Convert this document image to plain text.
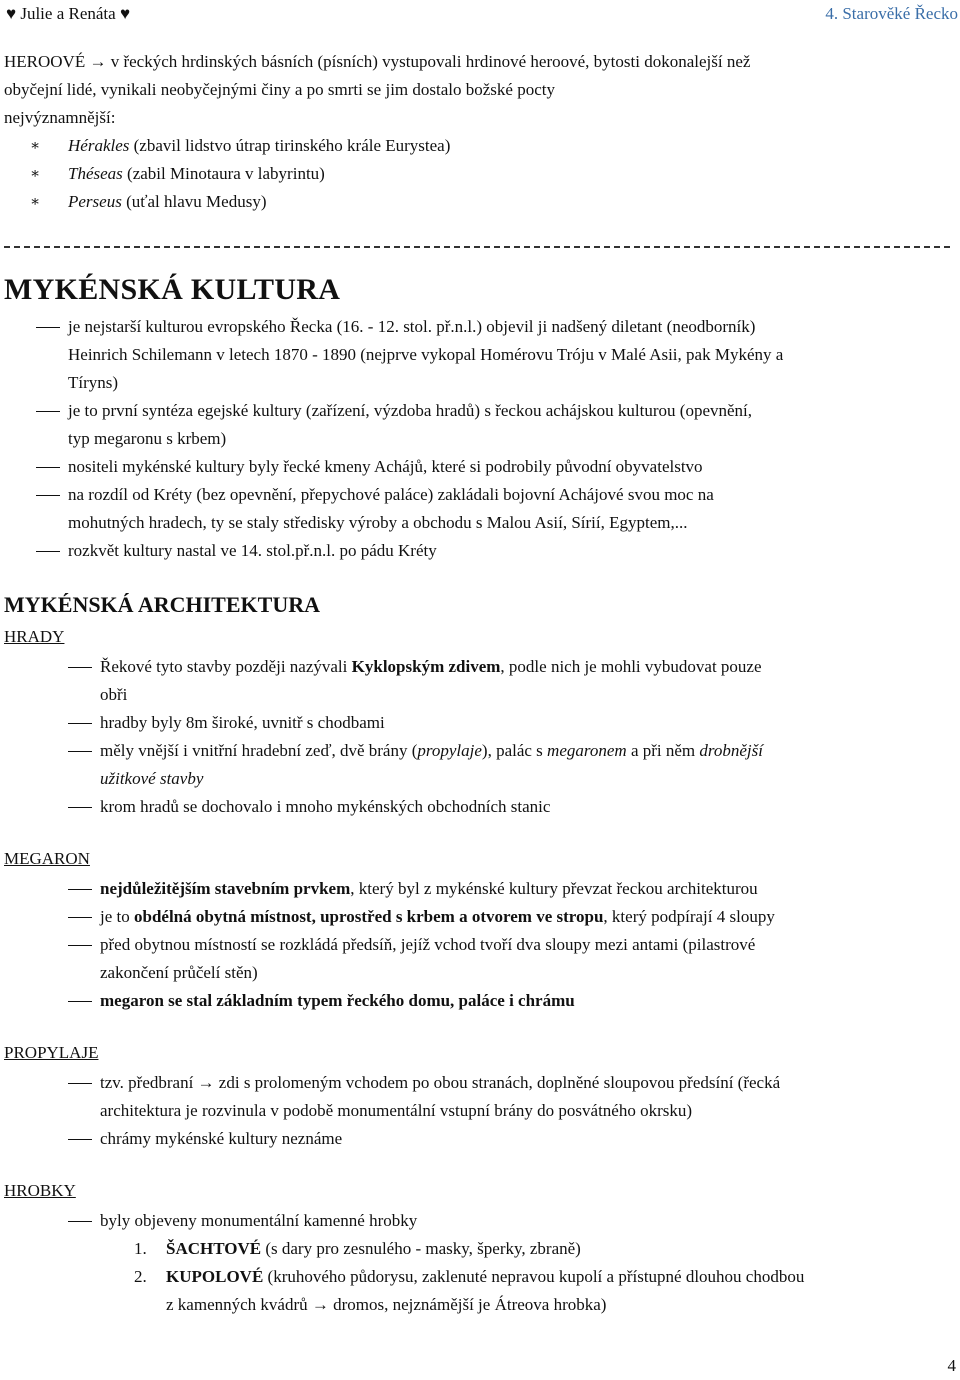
♥ Julie a Renáta ♥	4. Starověké Řecko
HEROOVÉ → v řeckých hrdinských básních (písních) vystupovali hrdinové heroové, bytosti dokonalejší než
obyčejní lidé, vynikali neobyčejnými činy a po smrti se jim dostalo božské pocty
nejvýznamnější:
∗ Hérakles (zbavil lidstvo útrap tirinského krále Eurystea)
∗ Théseas (zabil Minotaura v labyrintu)
∗ Perseus (uťal hlavu Medusy)
MYKÉNSKÁ KULTURA
je nejstarší kulturou evropského Řecka (16. - 12. stol. př.n.l.) objevil ji nadšený diletant (neodborník)
Heinrich Schilemann v letech 1870 - 1890 (nejprve vykopal Homérovu Tróju v Malé Asii, pak Mykény a
Tíryns)
je to první syntéza egejské kultury (zařízení, výzdoba hradů) s řeckou achájskou kulturou (opevnění,
typ megaronu s krbem)
nositeli mykénské kultury byly řecké kmeny Achájů, které si podrobily původní obyvatelstvo
na rozdíl od Kréty (bez opevnění, přepychové paláce) zakládali bojovní Achájové svou moc na
mohutných hradech, ty se staly středisky výroby a obchodu s Malou Asií, Sírií, Egyptem,...
rozkvět kultury nastal ve 14. stol.př.n.l. po pádu Kréty
MYKÉNSKÁ ARCHITEKTURA
HRADY
Řekové tyto stavby později nazývali Kyklopským zdivem, podle nich je mohli vybudovat pouze
obři
hradby byly 8m široké, uvnitř s chodbami
měly vnější i vnitřní hradební zeď, dvě brány (propylaje), palác s megaronem a při něm drobnější
užitkové stavby
krom hradů se dochovalo i mnoho mykénských obchodních stanic
MEGARON
nejdůležitějším stavebním prvkem, který byl z mykénské kultury převzat řeckou architekturou
je to obdélná obytná místnost, uprostřed s krbem a otvorem ve stropu, který podpírají 4 sloupy
před obytnou místností se rozkládá předsíň, jejíž vchod tvoří dva sloupy mezi antami (pilastrové
zakončení průčelí stěn)
megaron se stal základním typem řeckého domu, paláce i chrámu
PROPYLAJE
tzv. předbraní → zdi s prolomeným vchodem po obou stranách, doplněné sloupovou předsíní (řecká
architektura je rozvinula v podobě monumentální vstupní brány do posvátného okrsku)
chrámy mykénské kultury neznáme
HROBKY
byly objeveny monumentální kamenné hrobky
1. ŠACHTOVÉ (s dary pro zesnulého - masky, šperky, zbraně)
2. KUPOLOVÉ (kruhového půdorysu, zaklenuté nepravou kupolí a přístupné dlouhou chodbou
z kamenných kvádrů → dromos, nejznámější je Átreova hrobka)
4
